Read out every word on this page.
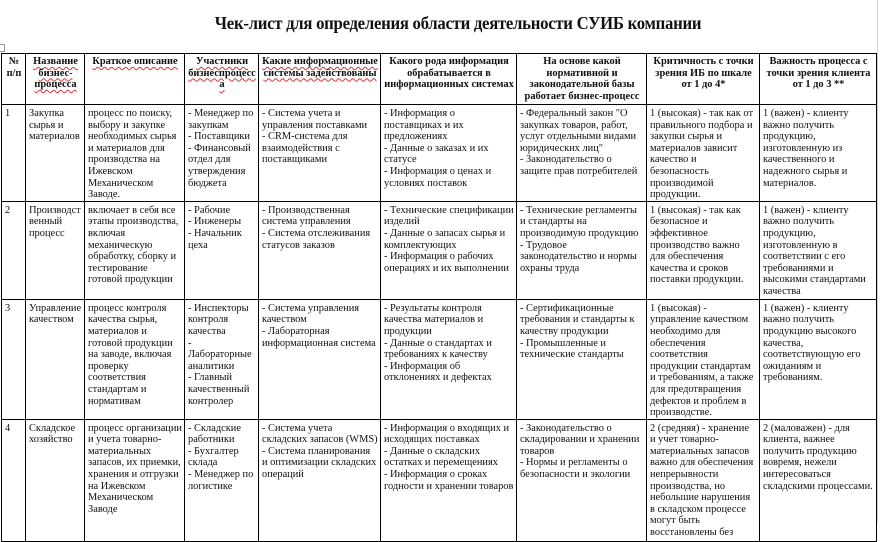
Чек-лист для определения области деятельности СУИБ компании
№ п/п	Название бизнес-процесса	Краткое описание	Участники бизнеспроцесса	Какие информационные системы задействованы	Какого рода информация обрабатывается в информационных системах	На основе какой нормативной и законодательной базы работает бизнес-процесс	Критичность с точки зрения ИБ по шкале от 1 до 4*	Важность процесса с точки зрения клиента от 1 до 3 **
1	Закупка сырья и материалов	процесс по поиску, выбору и закупке необходимых сырья и материалов для производства на Ижевском Механическом Заводе.	- Менеджер по закупкам
- Поставщики
- Финансовый отдел для утверждения бюджета	- Система учета и управления поставками
- CRM-система для взаимодействия с поставщиками	- Информация о поставщиках и их предложениях
- Данные о заказах и их статусе
- Информация о ценах и условиях поставок	- Федеральный закон "О закупках товаров, работ, услуг отдельными видами юридических лиц"
- Законодательство о защите прав потребителей	1 (высокая) - так как от правильного подбора и закупки сырья и материалов зависит качество и безопасность производимой продукции.	1 (важен) - клиенту важно получить продукцию, изготовленную из качественного и надежного сырья и материалов.
2	Производственный процесс	включает в себя все этапы производства, включая механическую обработку, сборку и тестирование готовой продукции	- Рабочие
- Инженеры
- Начальник цеха	- Производственная система управления
- Система отслеживания статусов заказов	- Технические спецификации изделий
- Данные о запасах сырья и комплектующих
- Информация о рабочих операциях и их выполнении	- Технические регламенты и стандарты на производимую продукцию
- Трудовое законодательство и нормы охраны труда	1 (высокая) - так как безопасное и эффективное производство важно для обеспечения качества и сроков поставки продукции.	1 (важен) - клиенту важно получить продукцию, изготовленную в соответствии с его требованиями и высокими стандартами качества
3	Управление качеством	процесс контроля качества сырья, материалов и готовой продукции на заводе, включая проверку соответствия стандартам и нормативам	- Инспекторы контроля качества
- Лабораторные аналитики
- Главный качественный контролер	- Система управления качеством
- Лабораторная информационная система	- Результаты контроля качества материалов и продукции
- Данные о стандартах и требованиях к качеству
- Информация об отклонениях и дефектах	- Сертификационные требования и стандарты к качеству продукции
- Промышленные и технические стандарты	1 (высокая) - управление качеством необходимо для обеспечения соответствия продукции стандартам и требованиям, а также для предотвращения дефектов и проблем в производстве.	1 (важен) - клиенту важно получить продукцию высокого качества, соответствующую его ожиданиям и требованиям.
4	Складское хозяйство	процесс организации и учета товарно-материальных запасов, их приемки, хранения и отгрузки на Ижевском Механическом Заводе	- Складские работники
- Бухгалтер склада
- Менеджер по логистике	- Система учета складских запасов (WMS)
- Система планирования и оптимизации складских операций	- Информация о входящих и исходящих поставках
- Данные о складских остатках и перемещениях
- Информация о сроках годности и хранении товаров	- Законодательство о складировании и хранении товаров
- Нормы и регламенты о безопасности и экологии	2 (средняя) - хранение и учет товарно-материальных запасов важно для обеспечения непрерывности производства, но небольшие нарушения в складском процессе могут быть восстановлены без	2 (маловажен) - для клиента, важнее получить продукцию вовремя, нежели интересоваться складскими процессами.
